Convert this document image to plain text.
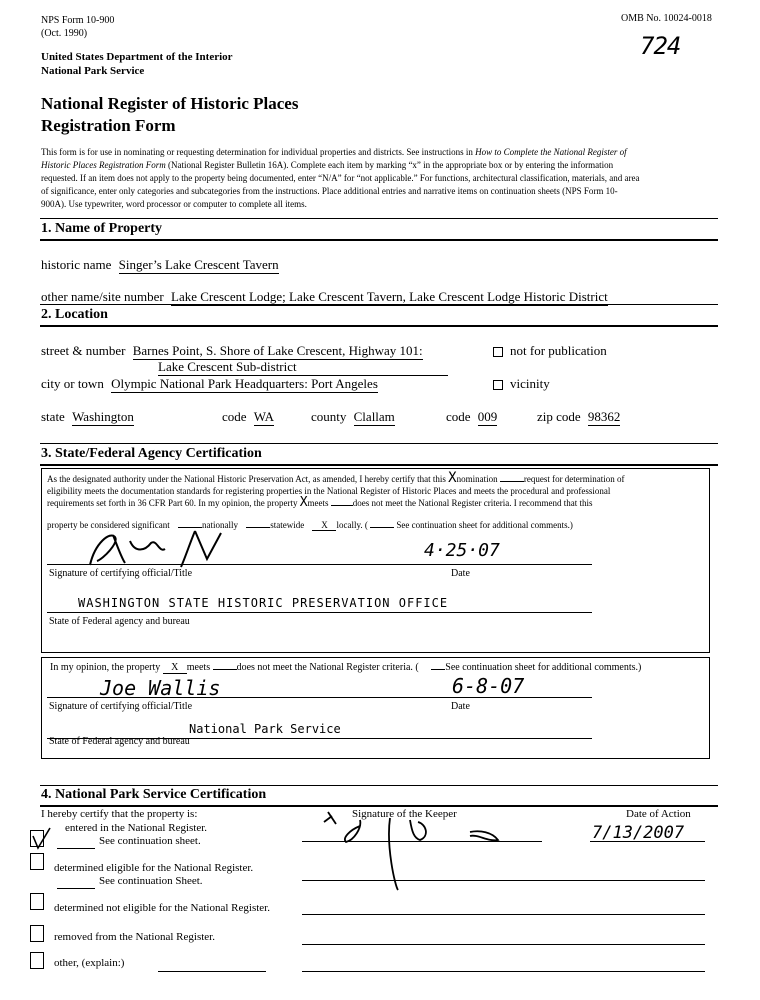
NPS Form 10-900
(Oct. 1990)
OMB No. 10024-0018
724
United States Department of the Interior
National Park Service
National Register of Historic Places
Registration Form
This form is for use in nominating or requesting determination for individual properties and districts. See instructions in How to Complete the National Register of
Historic Places Registration Form (National Register Bulletin 16A). Complete each item by marking “x” in the appropriate box or by entering the information
requested. If an item does not apply to the property being documented, enter “N/A” for “not applicable.” For functions, architectural classification, materials, and area
of significance, enter only categories and subcategories from the instructions. Place additional entries and narrative items on continuation sheets (NPS Form 10-
900A). Use typewriter, word processor or computer to complete all items.
1. Name of Property
historic name Singer’s Lake Crescent Tavern
other name/site number Lake Crescent Lodge; Lake Crescent Tavern, Lake Crescent Lodge Historic District
2. Location
street & number Barnes Point, S. Shore of Lake Crescent, Highway 101:
Lake Crescent Sub-district
not for publication
city or town Olympic National Park Headquarters: Port Angeles	vicinity
state Washington	code WA	county Clallam	code 009	zip code 98362
3. State/Federal Agency Certification
As the designated authority under the National Historic Preservation Act, as amended, I hereby certify that this Xnomination	request for determination of
eligibility meets the documentation standards for registering properties in the National Register of Historic Places and meets the procedural and professional
requirements set forth in 36 CFR Part 60. In my opinion, the property Xmeets	does not meet the National Register criteria. I recommend that this
property be considered significant	nationally	statewide X locally. (	See continuation sheet for additional comments.)
4·25·07
Signature of certifying official/Title	Date
WASHINGTON STATE HISTORIC PRESERVATION OFFICE
State of Federal agency and bureau
In my opinion, the property X meets	does not meet the National Register criteria. (	See continuation sheet for additional comments.)
Joe Wallis	6-8-07
Signature of certifying official/Title	Date
National Park Service
State of Federal agency and bureau
4. National Park Service Certification
I hereby certify that the property is:	Signature of the Keeper	Date of Action
7/13/2007
entered in the National Register.
See continuation sheet.
determined eligible for the National Register.
See continuation Sheet.
determined not eligible for the National Register.
removed from the National Register.
other, (explain:)
